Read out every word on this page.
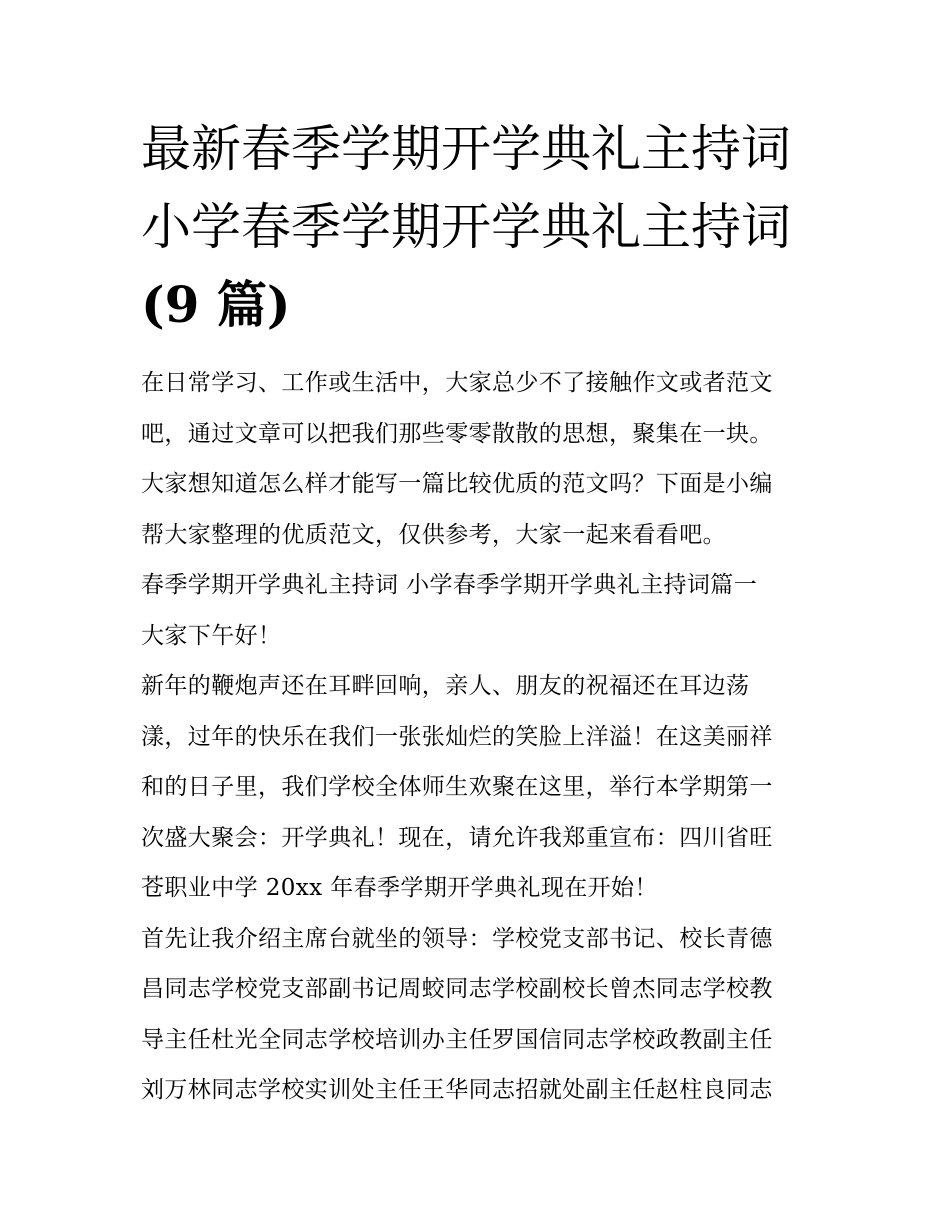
最新春季学期开学典礼主持词
小学春季学期开学典礼主持词
(9 篇)

在日常学习、工作或生活中，大家总少不了接触作文或者范文

吧，通过文章可以把我们那些零零散散的思想，聚集在一块。

大家想知道怎么样才能写一篇比较优质的范文吗？下面是小编

帮大家整理的优质范文，仅供参考，大家一起来看看吧。

春季学期开学典礼主持词 小学春季学期开学典礼主持词篇一

大家下午好！

新年的鞭炮声还在耳畔回响，亲人、朋友的祝福还在耳边荡

漾，过年的快乐在我们一张张灿烂的笑脸上洋溢！在这美丽祥

和的日子里，我们学校全体师生欢聚在这里，举行本学期第一

次盛大聚会：开学典礼！现在，请允许我郑重宣布：四川省旺

苍职业中学 20xx 年春季学期开学典礼现在开始！

首先让我介绍主席台就坐的领导：学校党支部书记、校长青德

昌同志学校党支部副书记周蛟同志学校副校长曾杰同志学校教

导主任杜光全同志学校培训办主任罗国信同志学校政教副主任

刘万林同志学校实训处主任王华同志招就处副主任赵柱良同志
